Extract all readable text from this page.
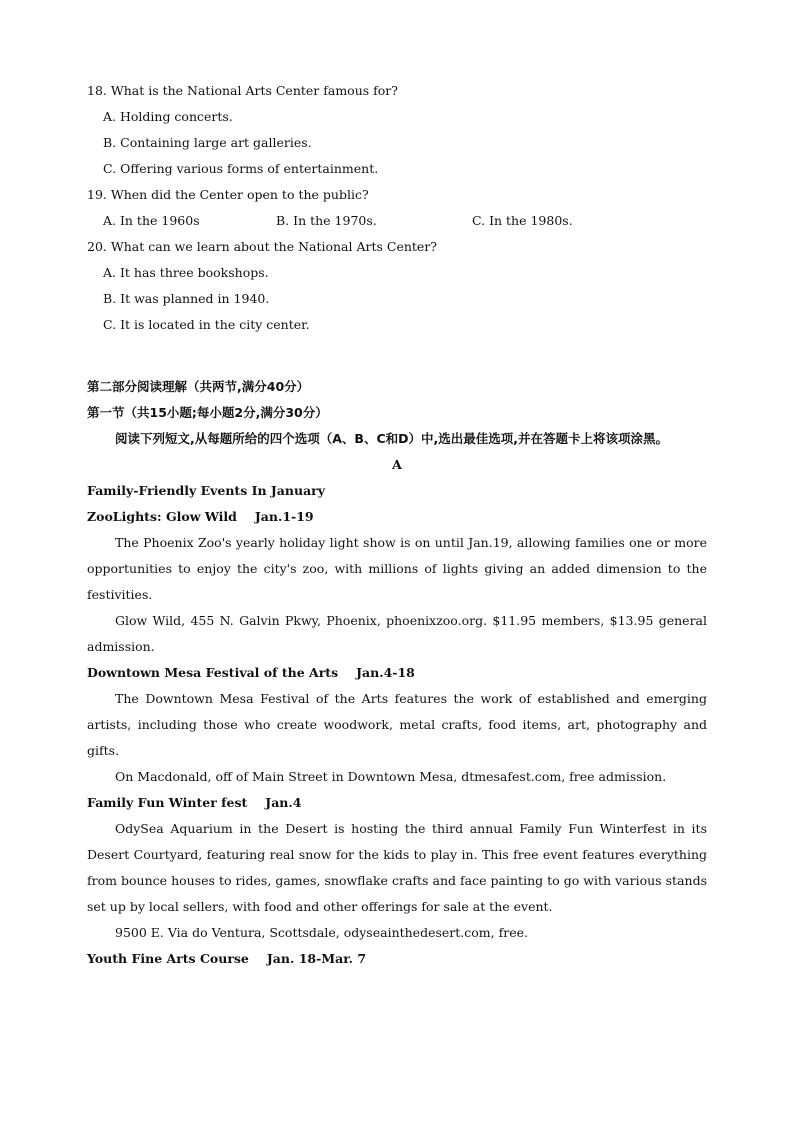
18. What is the National Arts Center famous for?
A. Holding concerts.
B. Containing large art galleries.
C. Offering various forms of entertainment.
19. When did the Center open to the public?
A. In the 1960s	B. In the 1970s.	C. In the 1980s.
20. What can we learn about the National Arts Center?
A. It has three bookshops.
B. It was planned in 1940.
C. It is located in the city center.
第二部分阅读理解（共两节,满分40分）
第一节（共15小题;每小题2分,满分30分）
阅读下列短文,从每题所给的四个选项（A、B、C和D）中,选出最佳选项,并在答题卡上将该项涂黑。
A
Family-Friendly Events In January
ZooLights: Glow Wild Jan.1-19
The Phoenix Zoo's yearly holiday light show is on until Jan.19, allowing families one or more opportunities to enjoy the city's zoo, with millions of lights giving an added dimension to the festivities.
Glow Wild, 455 N. Galvin Pkwy, Phoenix, phoenixzoo.org. $11.95 members, $13.95 general admission.
Downtown Mesa Festival of the Arts Jan.4-18
The Downtown Mesa Festival of the Arts features the work of established and emerging artists, including those who create woodwork, metal crafts, food items, art, photography and gifts.
On Macdonald, off of Main Street in Downtown Mesa, dtmesafest.com, free admission.
Family Fun Winter fest Jan.4
OdySea Aquarium in the Desert is hosting the third annual Family Fun Winterfest in its Desert Courtyard, featuring real snow for the kids to play in. This free event features everything from bounce houses to rides, games, snowflake crafts and face painting to go with various stands set up by local sellers, with food and other offerings for sale at the event.
9500 E. Via do Ventura, Scottsdale, odyseainthedesert.com, free.
Youth Fine Arts Course Jan. 18-Mar. 7
